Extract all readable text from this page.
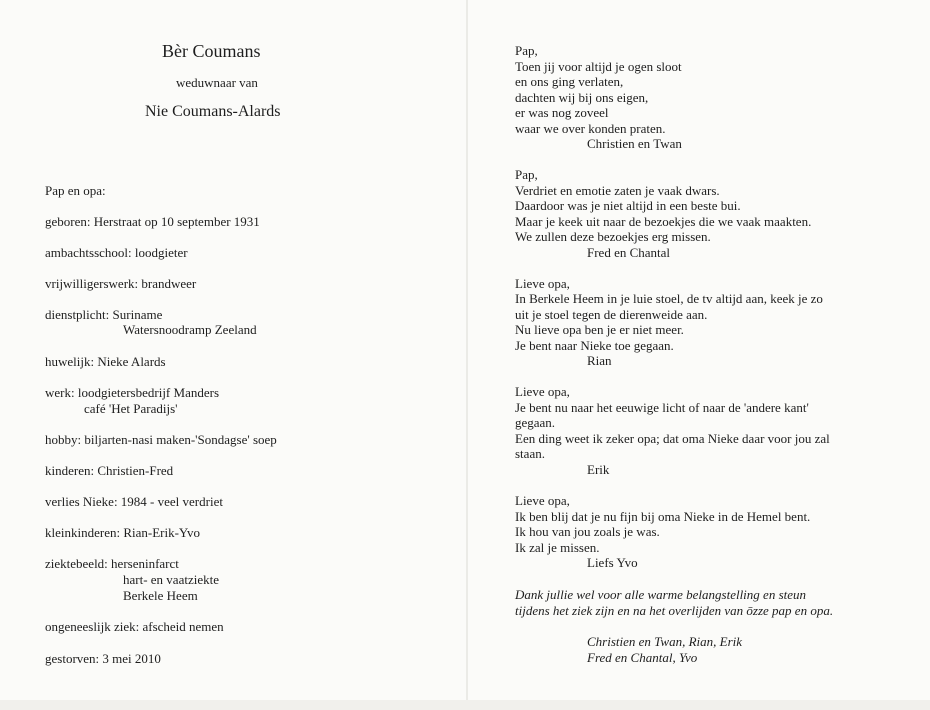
Bèr Coumans
weduwnaar van
Nie Coumans-Alards
Pap en opa:
geboren: Herstraat op 10 september 1931
ambachtsschool: loodgieter
vrijwilligerswerk: brandweer
dienstplicht: Suriname
Watersnoodramp Zeeland
huwelijk: Nieke Alards
werk: loodgietersbedrijf Manders
café 'Het Paradijs'
hobby: biljarten-nasi maken-'Sondagse' soep
kinderen: Christien-Fred
verlies Nieke: 1984 - veel verdriet
kleinkinderen: Rian-Erik-Yvo
ziektebeeld: herseninfarct
hart- en vaatziekte
Berkele Heem
ongeneeslijk ziek: afscheid nemen
gestorven: 3 mei 2010
Pap,
Toen jij voor altijd je ogen sloot
en ons ging verlaten,
dachten wij bij ons eigen,
er was nog zoveel
waar we over konden praten.
Christien en Twan
Pap,
Verdriet en emotie zaten je vaak dwars.
Daardoor was je niet altijd in een beste bui.
Maar je keek uit naar de bezoekjes die we vaak maakten.
We zullen deze bezoekjes erg missen.
Fred en Chantal
Lieve opa,
In Berkele Heem in je luie stoel, de tv altijd aan, keek je zo
uit je stoel tegen de dierenweide aan.
Nu lieve opa ben je er niet meer.
Je bent naar Nieke toe gegaan.
Rian
Lieve opa,
Je bent nu naar het eeuwige licht of naar de 'andere kant'
gegaan.
Een ding weet ik zeker opa; dat oma Nieke daar voor jou zal
staan.
Erik
Lieve opa,
Ik ben blij dat je nu fijn bij oma Nieke in de Hemel bent.
Ik hou van jou zoals je was.
Ik zal je missen.
Liefs Yvo
Dank jullie wel voor alle warme belangstelling en steun
tijdens het ziek zijn en na het overlijden van ōzze pap en opa.
Christien en Twan, Rian, Erik
Fred en Chantal, Yvo
